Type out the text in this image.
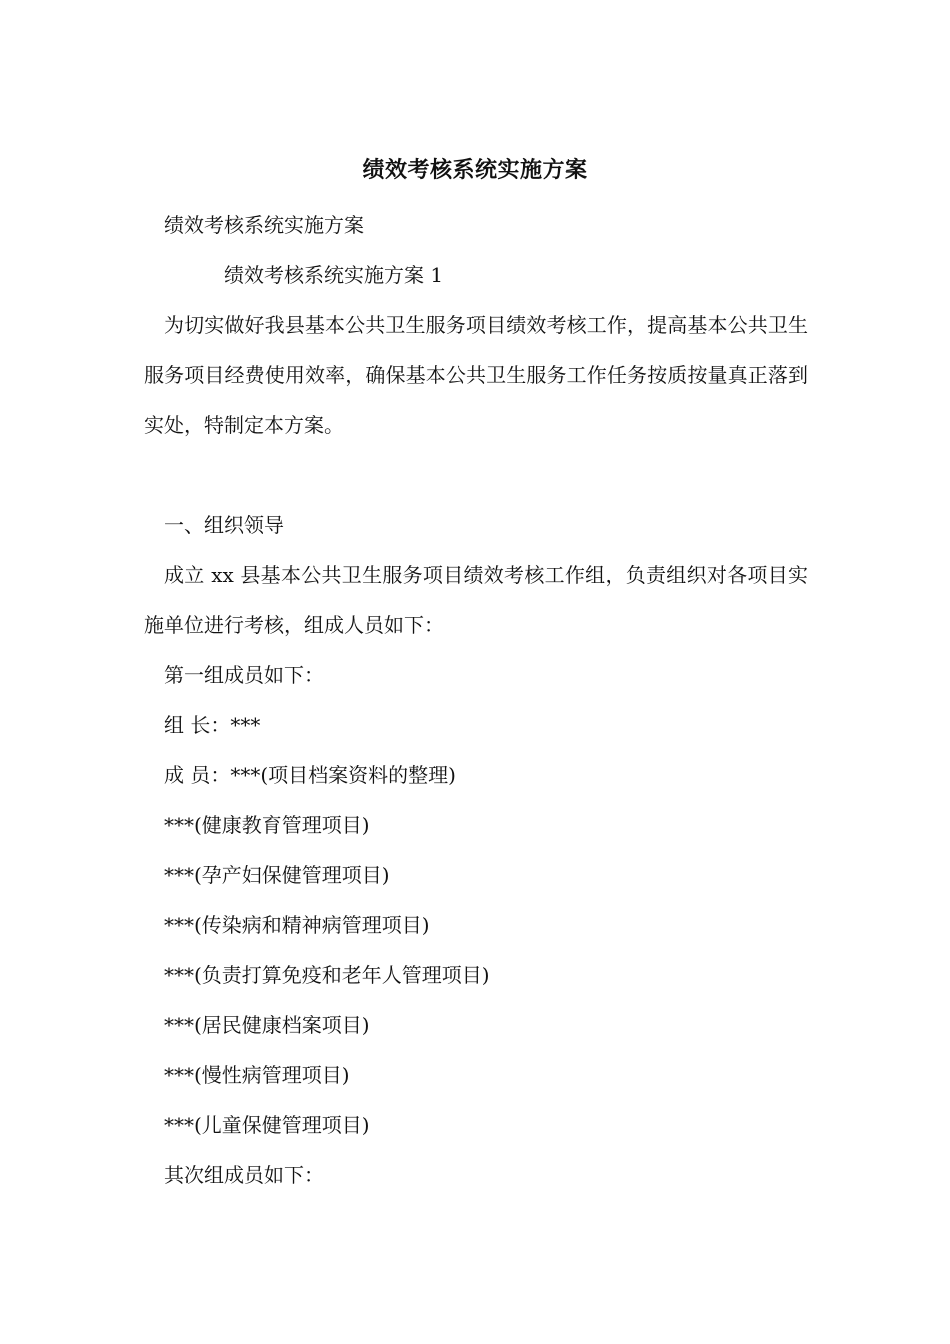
绩效考核系统实施方案

绩效考核系统实施方案

绩效考核系统实施方案 1

为切实做好我县基本公共卫生服务项目绩效考核工作，提高基本公共卫生服务项目经费使用效率，确保基本公共卫生服务工作任务按质按量真正落到实处，特制定本方案。

一、组织领导

成立 xx 县基本公共卫生服务项目绩效考核工作组，负责组织对各项目实施单位进行考核，组成人员如下：

第一组成员如下：

组 长：***

成 员：***(项目档案资料的整理)

***(健康教育管理项目)

***(孕产妇保健管理项目)

***(传染病和精神病管理项目)

***(负责打算免疫和老年人管理项目)

***(居民健康档案项目)

***(慢性病管理项目)

***(儿童保健管理项目)

其次组成员如下：
